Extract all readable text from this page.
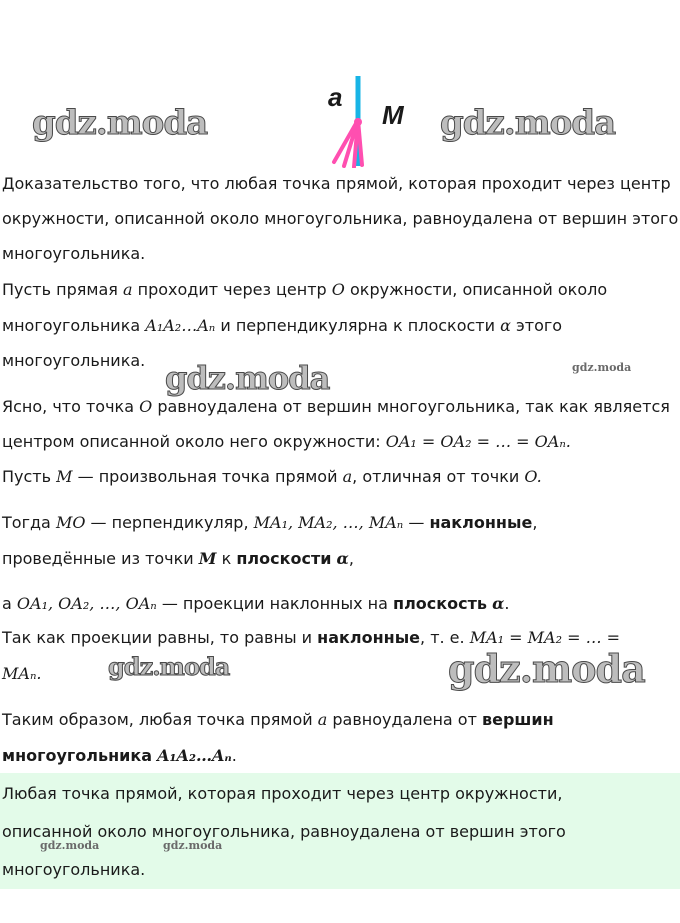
a
M
gdz.moda	gdz.moda
gdz.moda	gdz.moda
gdz.moda	gdz.moda
gdz.moda	gdz.moda
Доказательство того, что любая точка прямой, которая проходит через центр
окружности, описанной около многоугольника, равноудалена от вершин этого
многоугольника.
Пусть прямая a проходит через центр O окружности, описанной около
многоугольника A₁A₂…Aₙ и перпендикулярна к плоскости α этого
многоугольника.
Ясно, что точка O равноудалена от вершин многоугольника, так как является
центром описанной около него окружности: OA₁ = OA₂ = … = OAₙ.
Пусть M — произвольная точка прямой a, отличная от точки O.
Тогда MO — перпендикуляр, MA₁, MA₂, …, MAₙ — наклонные,
проведённые из точки M к плоскости α,
а OA₁, OA₂, …, OAₙ — проекции наклонных на плоскость α.
Так как проекции равны, то равны и наклонные, т. е. MA₁ = MA₂ = … =
MAₙ.
Таким образом, любая точка прямой a равноудалена от вершин
многоугольника A₁A₂…Aₙ.
Любая точка прямой, которая проходит через центр окружности,
описанной около многоугольника, равноудалена от вершин этого
многоугольника.
